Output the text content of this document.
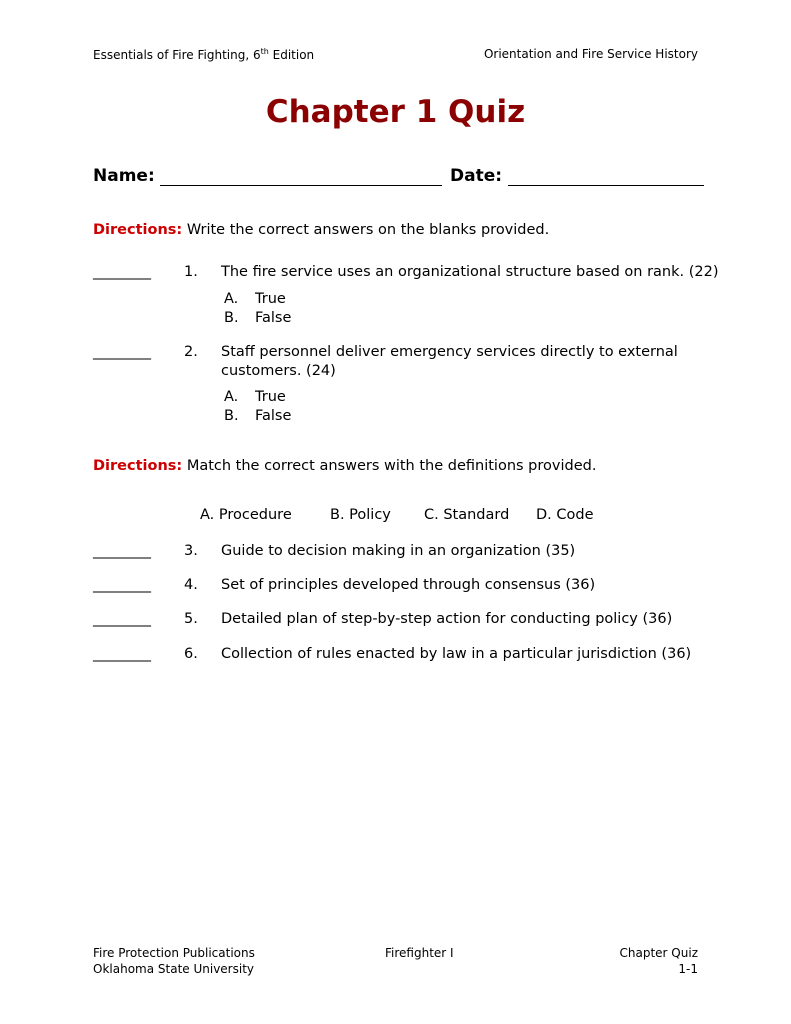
Essentials of Fire Fighting, 6th Edition	Orientation and Fire Service History
Chapter 1 Quiz
Name:	Date:
Directions: Write the correct answers on the blanks provided.
________ 1. The fire service uses an organizational structure based on rank. (22)
A. True
B. False
________ 2. Staff personnel deliver emergency services directly to external
customers. (24)
A. True
B. False
Directions: Match the correct answers with the definitions provided.
A. Procedure	B. Policy C. Standard D. Code
________ 3. Guide to decision making in an organization (35)
________ 4. Set of principles developed through consensus (36)
________ 5. Detailed plan of step-by-step action for conducting policy (36)
________ 6. Collection of rules enacted by law in a particular jurisdiction (36)
Fire Protection Publications
Oklahoma State University
Firefighter I	Chapter Quiz
1-1
